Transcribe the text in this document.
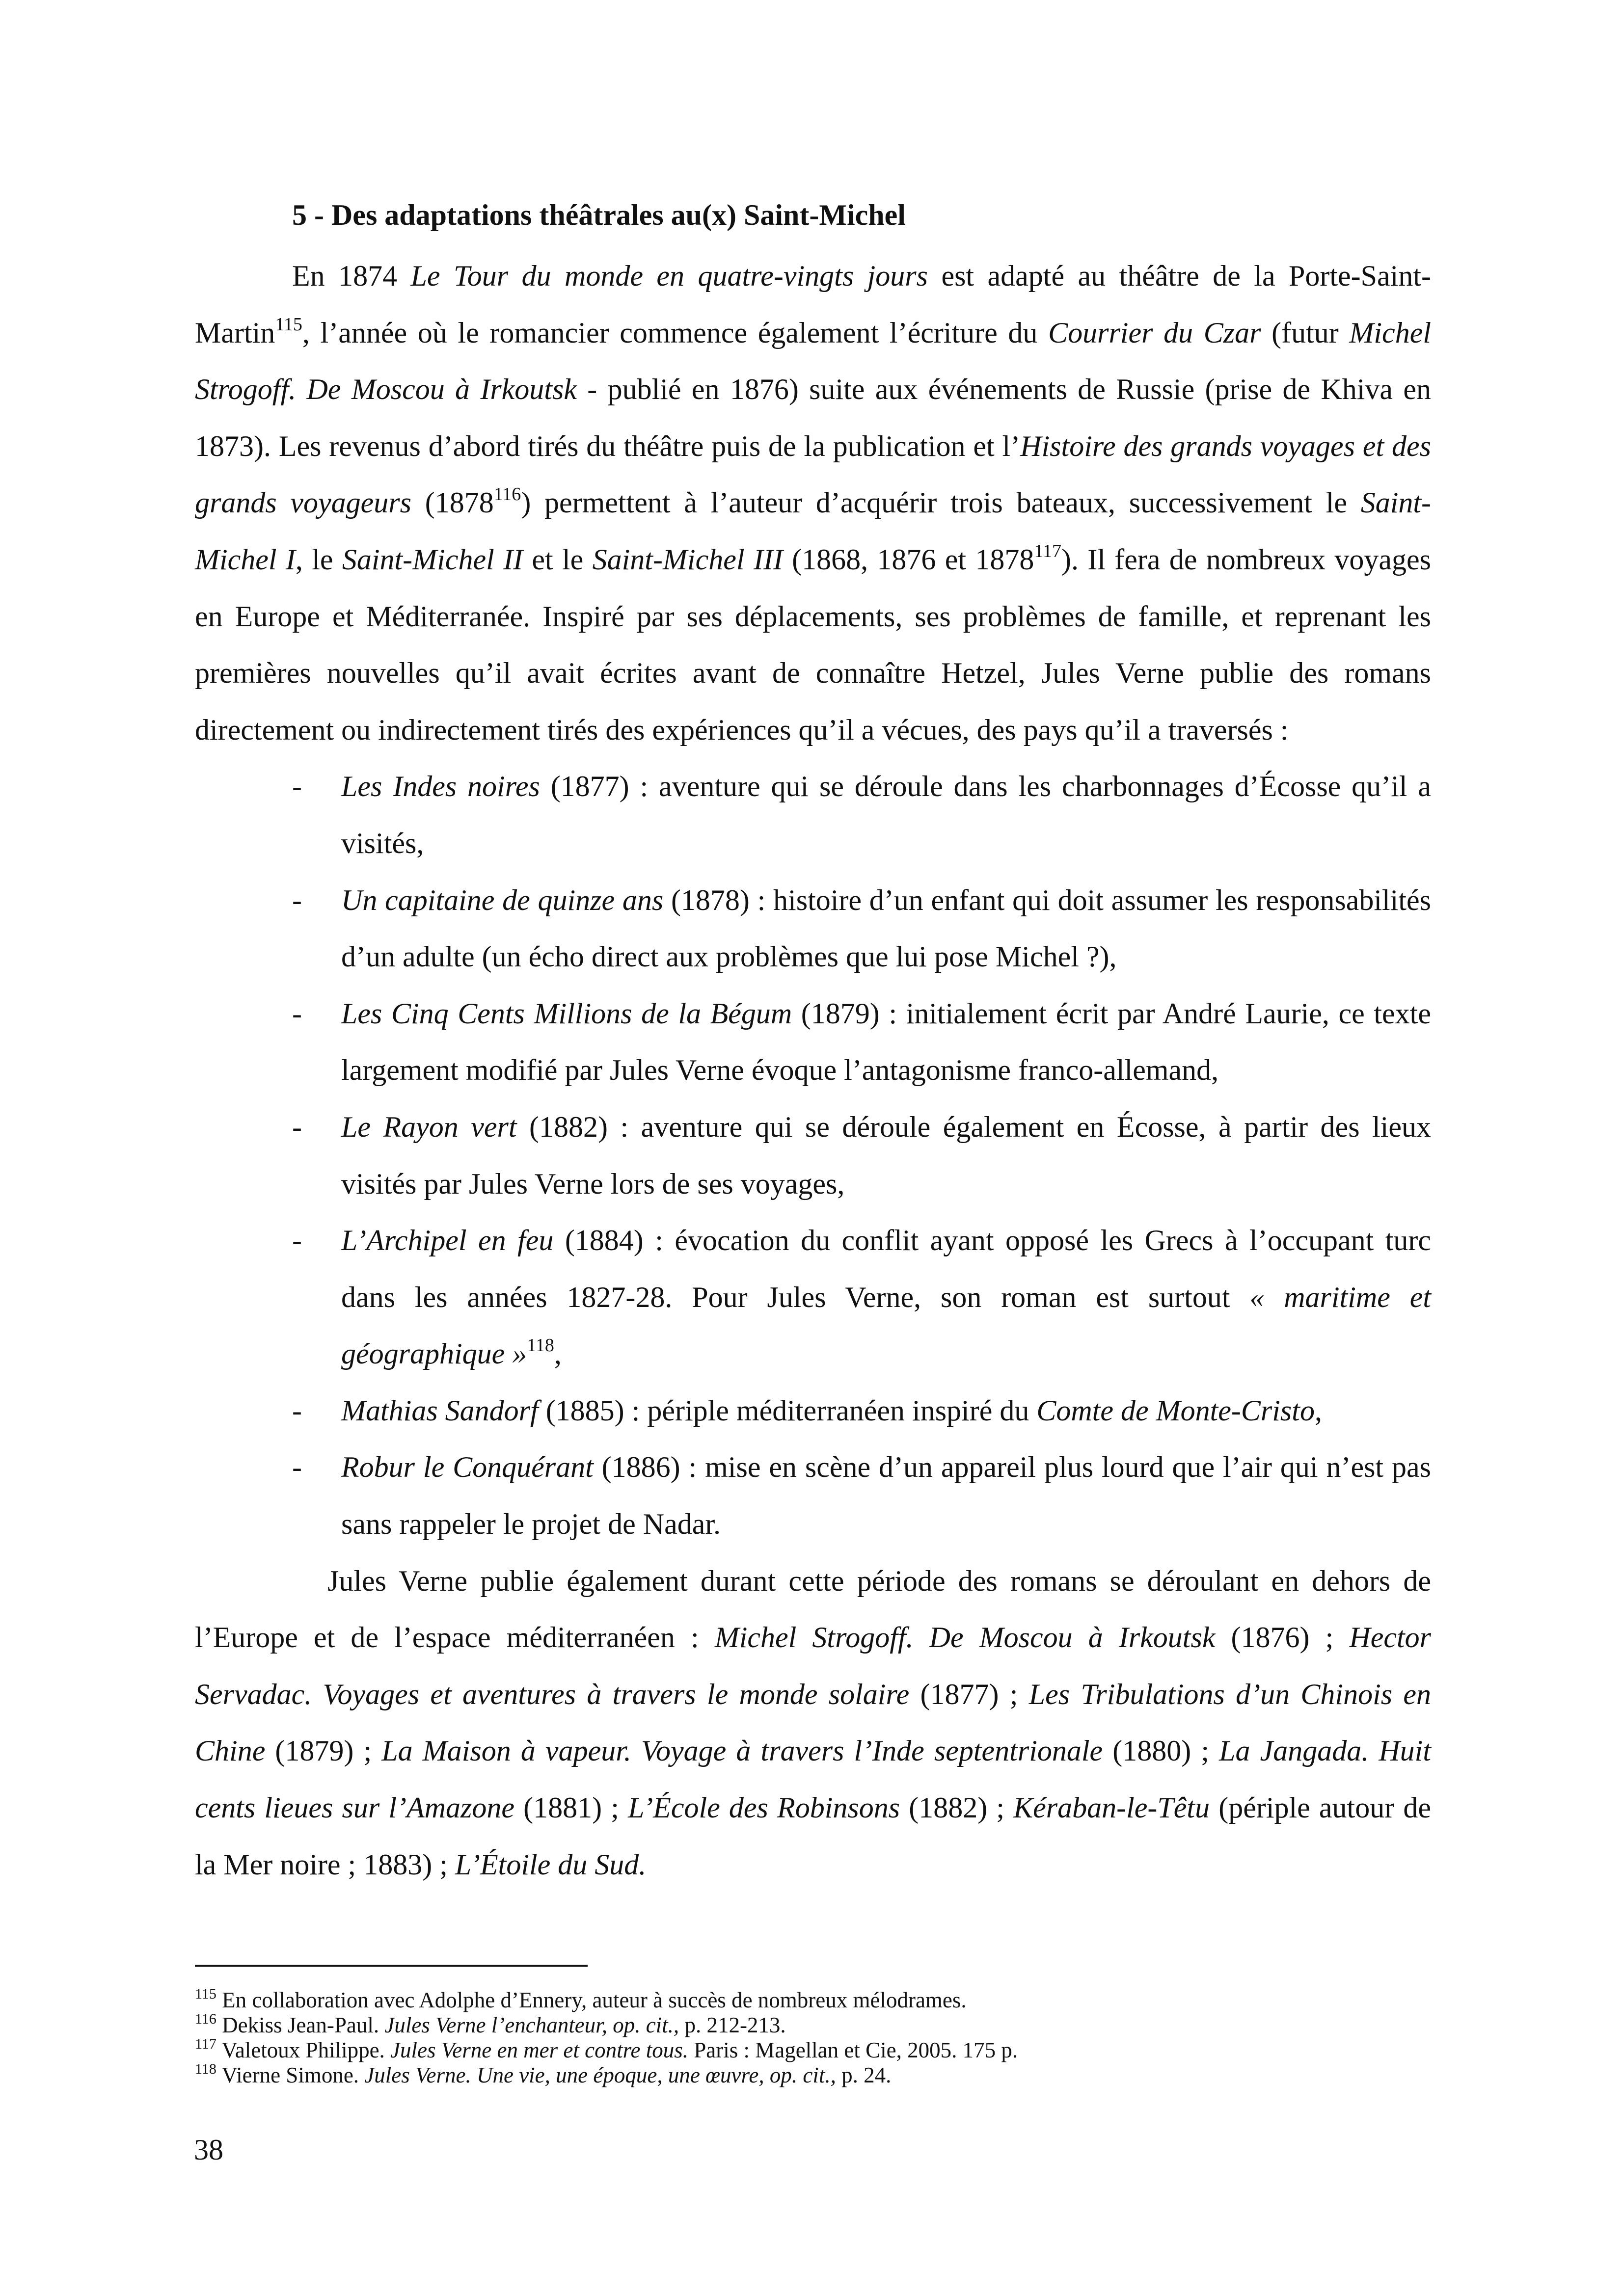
5 - Des adaptations théâtrales au(x) Saint-Michel

En 1874 Le Tour du monde en quatre-vingts jours est adapté au théâtre de la Porte-Saint-Martin$^{115}$, l’année où le romancier commence également l’écriture du Courrier du Czar (futur Michel Strogoff. De Moscou à Irkoutsk - publié en 1876) suite aux événements de Russie (prise de Khiva en 1873). Les revenus d’abord tirés du théâtre puis de la publication et l’Histoire des grands voyages et des grands voyageurs (1878$^{116}$) permettent à l’auteur d’acquérir trois bateaux, successivement le Saint-Michel I, le Saint-Michel II et le Saint-Michel III (1868, 1876 et 1878$^{117}$). Il fera de nombreux voyages en Europe et Méditerranée. Inspiré par ses déplacements, ses problèmes de famille, et reprenant les premières nouvelles qu’il avait écrites avant de connaître Hetzel, Jules Verne publie des romans directement ou indirectement tirés des expériences qu’il a vécues, des pays qu’il a traversés :

- Les Indes noires (1877) : aventure qui se déroule dans les charbonnages d’Écosse qu’il a visités,
- Un capitaine de quinze ans (1878) : histoire d’un enfant qui doit assumer les responsabilités d’un adulte (un écho direct aux problèmes que lui pose Michel ?),
- Les Cinq Cents Millions de la Bégum (1879) : initialement écrit par André Laurie, ce texte largement modifié par Jules Verne évoque l’antagonisme franco-allemand,
- Le Rayon vert (1882) : aventure qui se déroule également en Écosse, à partir des lieux visités par Jules Verne lors de ses voyages,
- L’Archipel en feu (1884) : évocation du conflit ayant opposé les Grecs à l’occupant turc dans les années 1827-28. Pour Jules Verne, son roman est surtout « maritime et géographique »$^{118}$,
- Mathias Sandorf (1885) : périple méditerranéen inspiré du Comte de Monte-Cristo,
- Robur le Conquérant (1886) : mise en scène d’un appareil plus lourd que l’air qui n’est pas sans rappeler le projet de Nadar.

Jules Verne publie également durant cette période des romans se déroulant en dehors de l’Europe et de l’espace méditerranéen : Michel Strogoff. De Moscou à Irkoutsk (1876) ; Hector Servadac. Voyages et aventures à travers le monde solaire (1877) ; Les Tribulations d’un Chinois en Chine (1879) ; La Maison à vapeur. Voyage à travers l’Inde septentrionale (1880) ; La Jangada. Huit cents lieues sur l’Amazone (1881) ; L’École des Robinsons (1882) ; Kéraban-le-Têtu (périple autour de la Mer noire ; 1883) ; L’Étoile du Sud.

$^{115}$ En collaboration avec Adolphe d’Ennery, auteur à succès de nombreux mélodrames.
$^{116}$ Dekiss Jean-Paul. Jules Verne l’enchanteur, op. cit., p. 212-213.
$^{117}$ Valetoux Philippe. Jules Verne en mer et contre tous. Paris : Magellan et Cie, 2005. 175 p.
$^{118}$ Vierne Simone. Jules Verne. Une vie, une époque, une œuvre, op. cit., p. 24.
38
